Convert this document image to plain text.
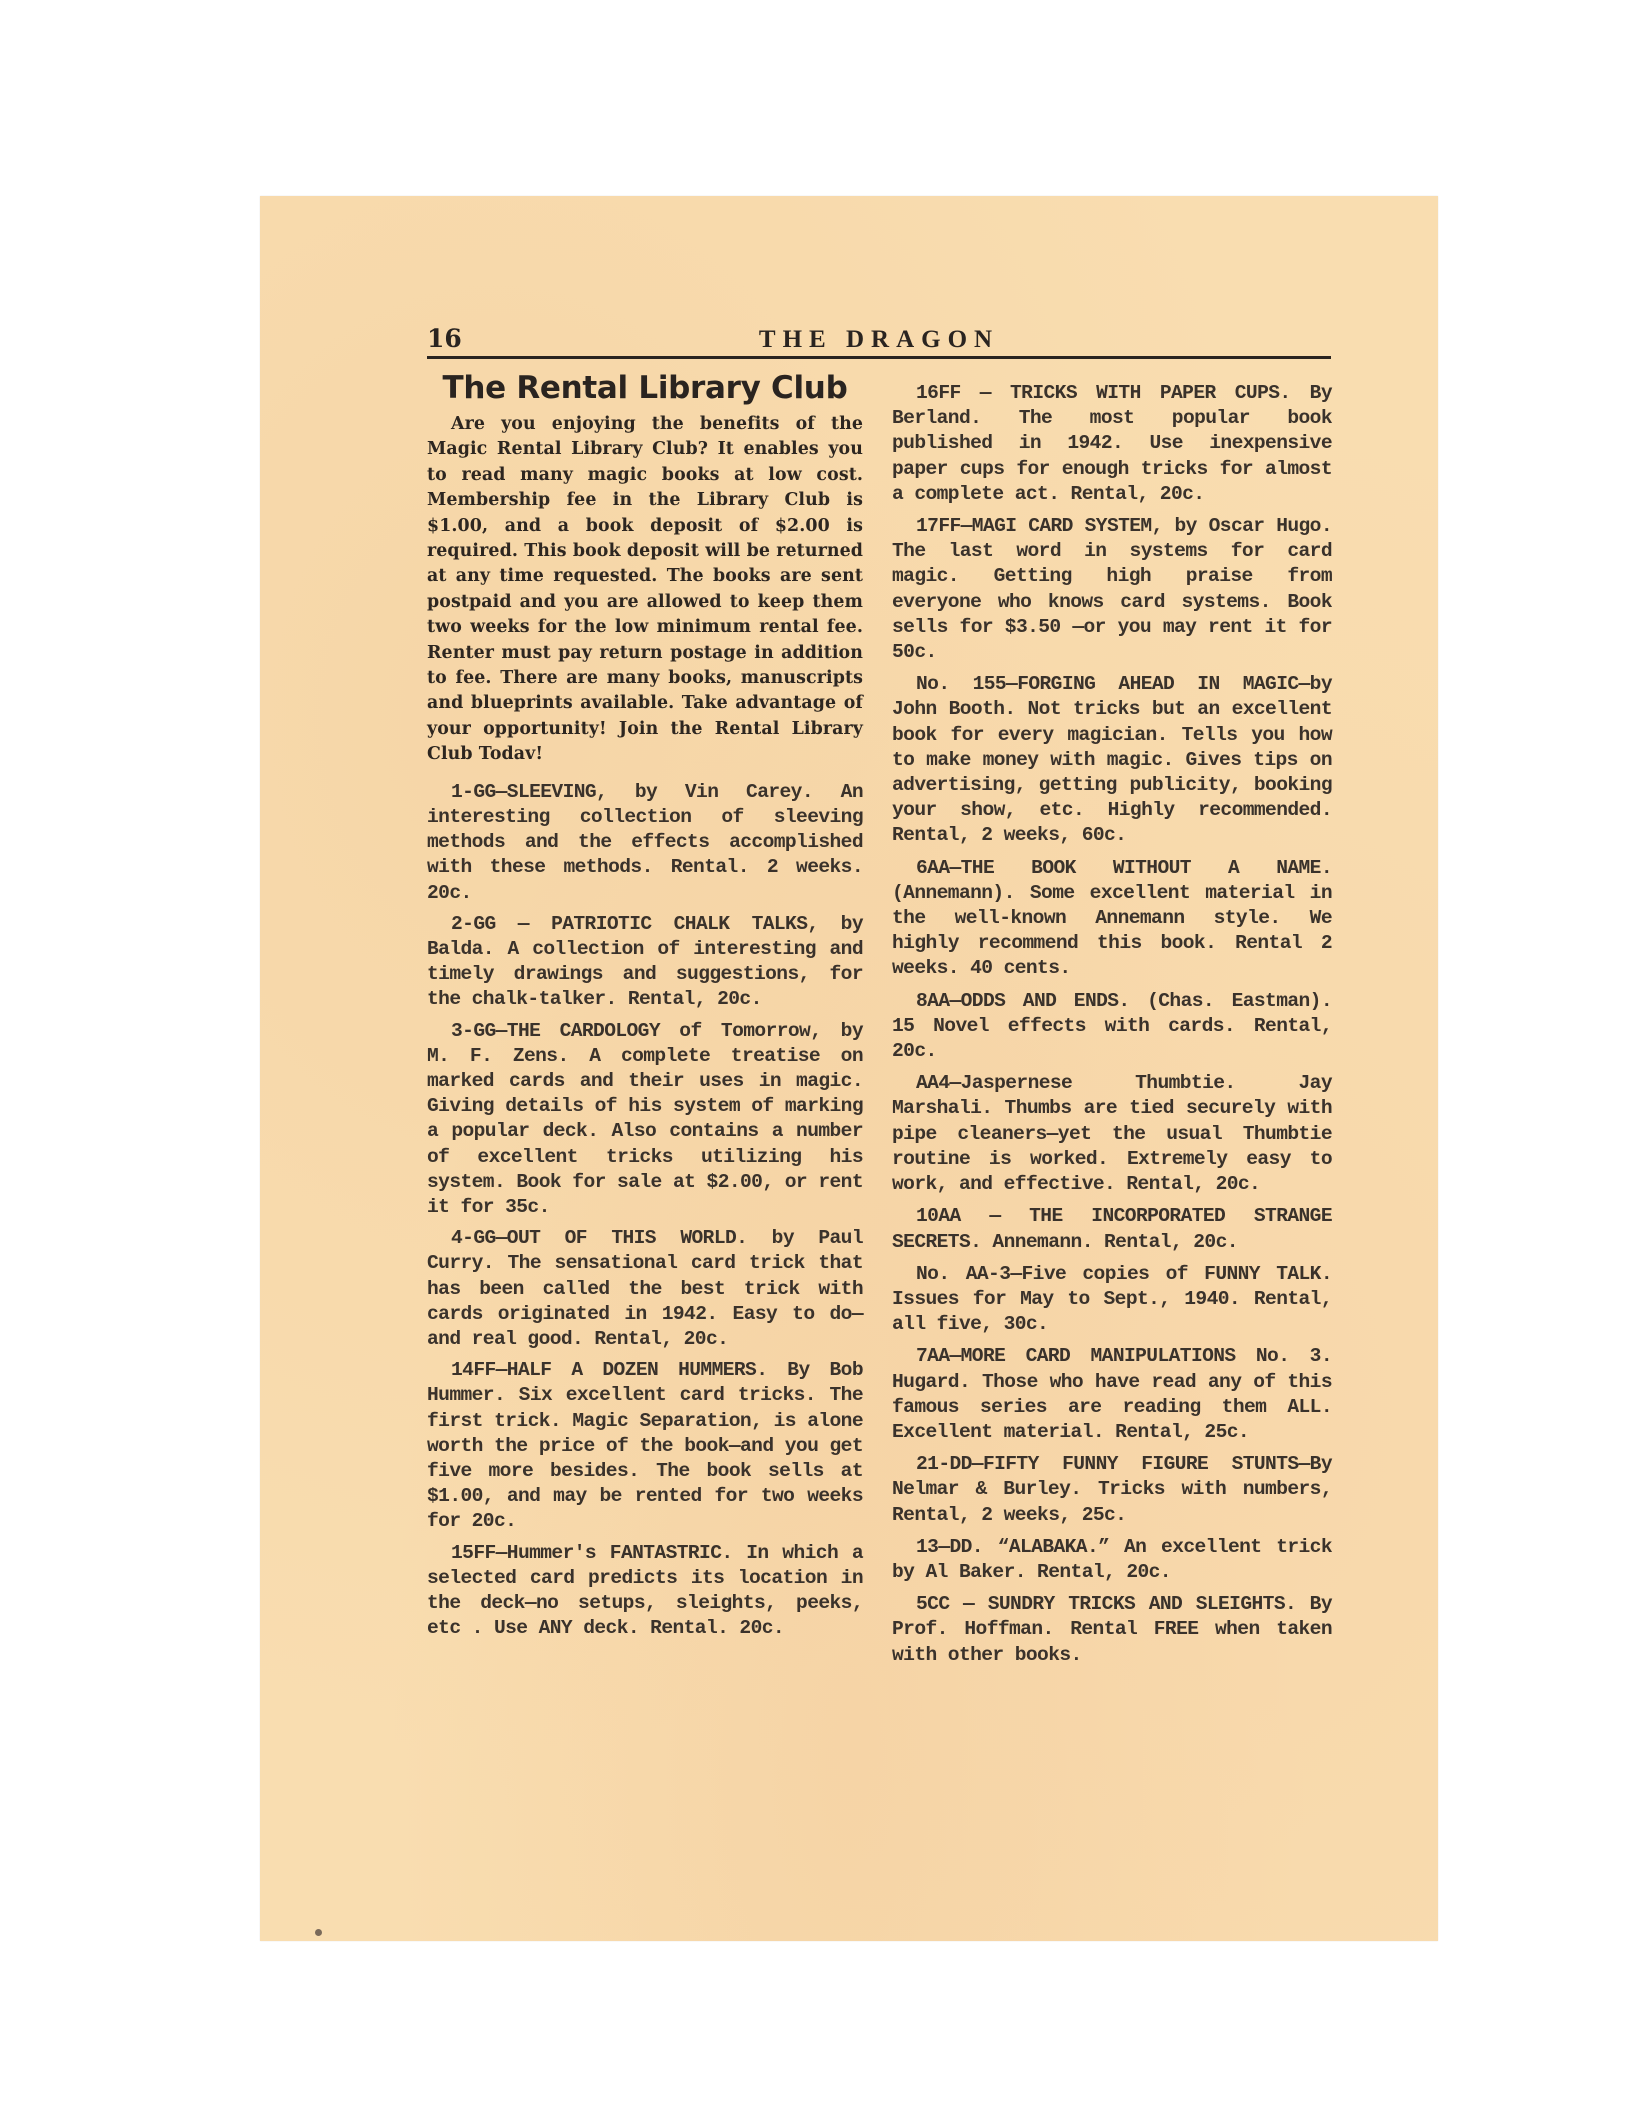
16	THE DRAGON
The Rental Library Club

Are you enjoying the benefits of the Magic Rental Library Club? It enables you to read many magic books at low cost. Membership fee in the Library Club is $1.00, and a book deposit of $2.00 is required. This book deposit will be returned at any time requested. The books are sent postpaid and you are allowed to keep them two weeks for the low minimum rental fee. Renter must pay return postage in addition to fee. There are many books, manuscripts and blueprints available. Take advantage of your opportunity! Join the Rental Library Club Todav!

1-GG—SLEEVING, by Vin Carey. An interesting collection of sleeving methods and the effects accomplished with these methods. Rental. 2 weeks. 20c.

2-GG — PATRIOTIC CHALK TALKS, by Balda. A collection of interesting and timely drawings and suggestions, for the chalk-talker. Rental, 20c.

3-GG—THE CARDOLOGY of Tomorrow, by M. F. Zens. A complete treatise on marked cards and their uses in magic. Giving details of his system of marking a popular deck. Also contains a number of excellent tricks utilizing his system. Book for sale at $2.00, or rent it for 35c.

4-GG—OUT OF THIS WORLD. by Paul Curry. The sensational card trick that has been called the best trick with cards originated in 1942. Easy to do—and real good. Rental, 20c.

14FF—HALF A DOZEN HUMMERS. By Bob Hummer. Six excellent card tricks. The first trick. Magic Separation, is alone worth the price of the book—and you get five more besides. The book sells at $1.00, and may be rented for two weeks for 20c.

15FF—Hummer's FANTASTRIC. In which a selected card predicts its location in the deck—no setups, sleights, peeks, etc . Use ANY deck. Rental. 20c.

16FF — TRICKS WITH PAPER CUPS. By Berland. The most popular book published in 1942. Use inexpensive paper cups for enough tricks for almost a complete act. Rental, 20c.

17FF—MAGI CARD SYSTEM, by Oscar Hugo. The last word in systems for card magic. Getting high praise from everyone who knows card systems. Book sells for $3.50 —or you may rent it for 50c.

No. 155—FORGING AHEAD IN MAGIC—by John Booth. Not tricks but an excellent book for every magician. Tells you how to make money with magic. Gives tips on advertising, getting publicity, booking your show, etc. Highly recommended. Rental, 2 weeks, 60c.

6AA—THE BOOK WITHOUT A NAME. (Annemann). Some excellent material in the well-known Annemann style. We highly recommend this book. Rental 2 weeks. 40 cents.

8AA—ODDS AND ENDS. (Chas. Eastman). 15 Novel effects with cards. Rental, 20c.

AA4—Jaspernese Thumbtie. Jay Marshali. Thumbs are tied securely with pipe cleaners—yet the usual Thumbtie routine is worked. Extremely easy to work, and effective. Rental, 20c.

10AA — THE INCORPORATED STRANGE SECRETS. Annemann. Rental, 20c.

No. AA-3—Five copies of FUNNY TALK. Issues for May to Sept., 1940. Rental, all five, 30c.

7AA—MORE CARD MANIPULATIONS No. 3. Hugard. Those who have read any of this famous series are reading them ALL. Excellent material. Rental, 25c.

21-DD—FIFTY FUNNY FIGURE STUNTS—By Nelmar & Burley. Tricks with numbers, Rental, 2 weeks, 25c.

13—DD. “ALABAKA.” An excellent trick by Al Baker. Rental, 20c.

5CC — SUNDRY TRICKS AND SLEIGHTS. By Prof. Hoffman. Rental FREE when taken with other books.
